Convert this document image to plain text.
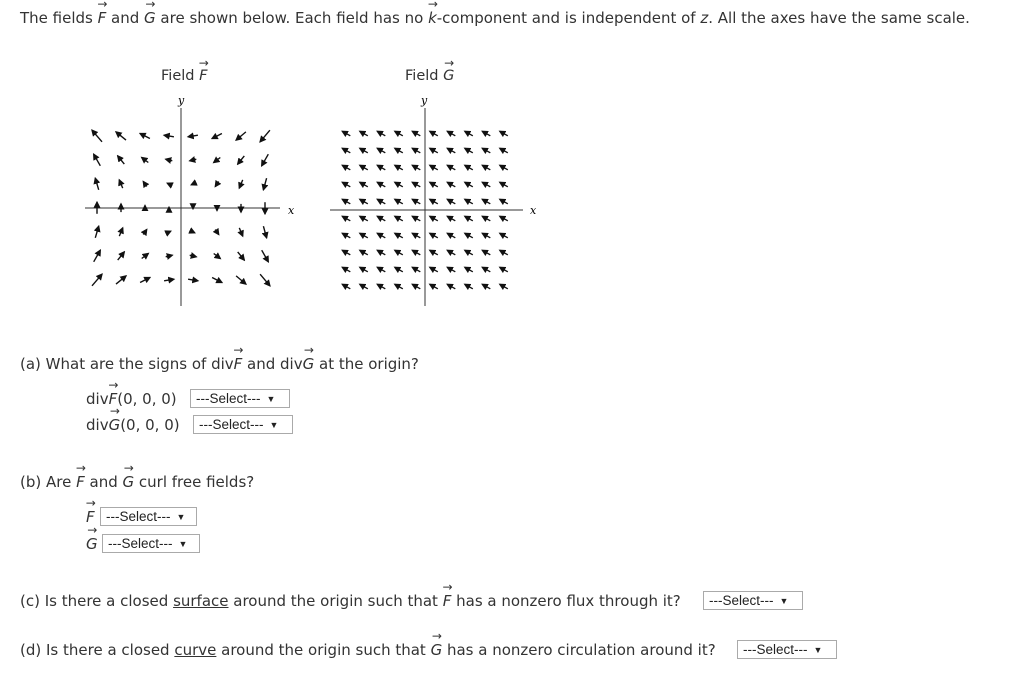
The fields → F and → G are shown below. Each field has no → k-component and is independent of z. All the axes have the same scale.
Field → F	Field → G
y
x
y
x
(a) What are the signs of div→ F and div→ G at the origin?
div→ F(0, 0, 0)	---Select--- ▼
div→ G(0, 0, 0)	---Select--- ▼
(b) Are → F and → G curl free fields?
→ F ---Select--- ▼
→ G ---Select--- ▼
(c) Is there a closed surface around the origin such that → F has a nonzero flux through it?	---Select--- ▼
(d) Is there a closed curve around the origin such that → G has a nonzero circulation around it?	---Select--- ▼
